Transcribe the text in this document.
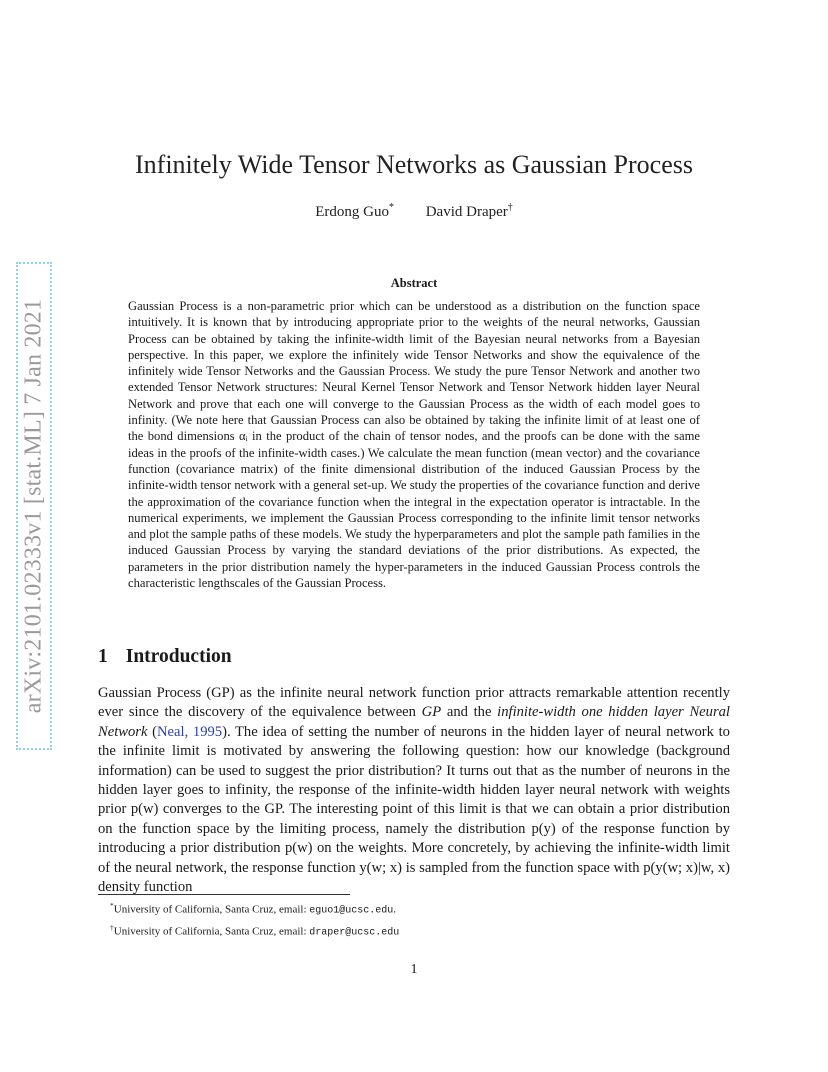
arXiv:2101.02333v1 [stat.ML] 7 Jan 2021
Infinitely Wide Tensor Networks as Gaussian Process
Erdong Guo* David Draper†
Abstract

Gaussian Process is a non-parametric prior which can be understood as a distribution on the function space intuitively. It is known that by introducing appropriate prior to the weights of the neural networks, Gaussian Process can be obtained by taking the infinite-width limit of the Bayesian neural networks from a Bayesian perspective. In this paper, we explore the infinitely wide Tensor Networks and show the equivalence of the infinitely wide Tensor Networks and the Gaussian Process. We study the pure Tensor Network and another two extended Tensor Network structures: Neural Kernel Tensor Network and Tensor Network hidden layer Neural Network and prove that each one will converge to the Gaussian Process as the width of each model goes to infinity. (We note here that Gaussian Process can also be obtained by taking the infinite limit of at least one of the bond dimensions αᵢ in the product of the chain of tensor nodes, and the proofs can be done with the same ideas in the proofs of the infinite-width cases.) We calculate the mean function (mean vector) and the covariance function (covariance matrix) of the finite dimensional distribution of the induced Gaussian Process by the infinite-width tensor network with a general set-up. We study the properties of the covariance function and derive the approximation of the covariance function when the integral in the expectation operator is intractable. In the numerical experiments, we implement the Gaussian Process corresponding to the infinite limit tensor networks and plot the sample paths of these models. We study the hyperparameters and plot the sample path families in the induced Gaussian Process by varying the standard deviations of the prior distributions. As expected, the parameters in the prior distribution namely the hyper-parameters in the induced Gaussian Process controls the characteristic lengthscales of the Gaussian Process.

1 Introduction

Gaussian Process (GP) as the infinite neural network function prior attracts remarkable attention recently ever since the discovery of the equivalence between GP and the infinite-width one hidden layer Neural Network (Neal, 1995). The idea of setting the number of neurons in the hidden layer of neural network to the infinite limit is motivated by answering the following question: how our knowledge (background information) can be used to suggest the prior distribution? It turns out that as the number of neurons in the hidden layer goes to infinity, the response of the infinite-width hidden layer neural network with weights prior p(w) converges to the GP. The interesting point of this limit is that we can obtain a prior distribution on the function space by the limiting process, namely the distribution p(y) of the response function by introducing a prior distribution p(w) on the weights. More concretely, by achieving the infinite-width limit of the neural network, the response function y(w; x) is sampled from the function space with p(y(w; x)|w, x) density function

*University of California, Santa Cruz, email: eguo1@ucsc.edu.
†University of California, Santa Cruz, email: draper@ucsc.edu
1
